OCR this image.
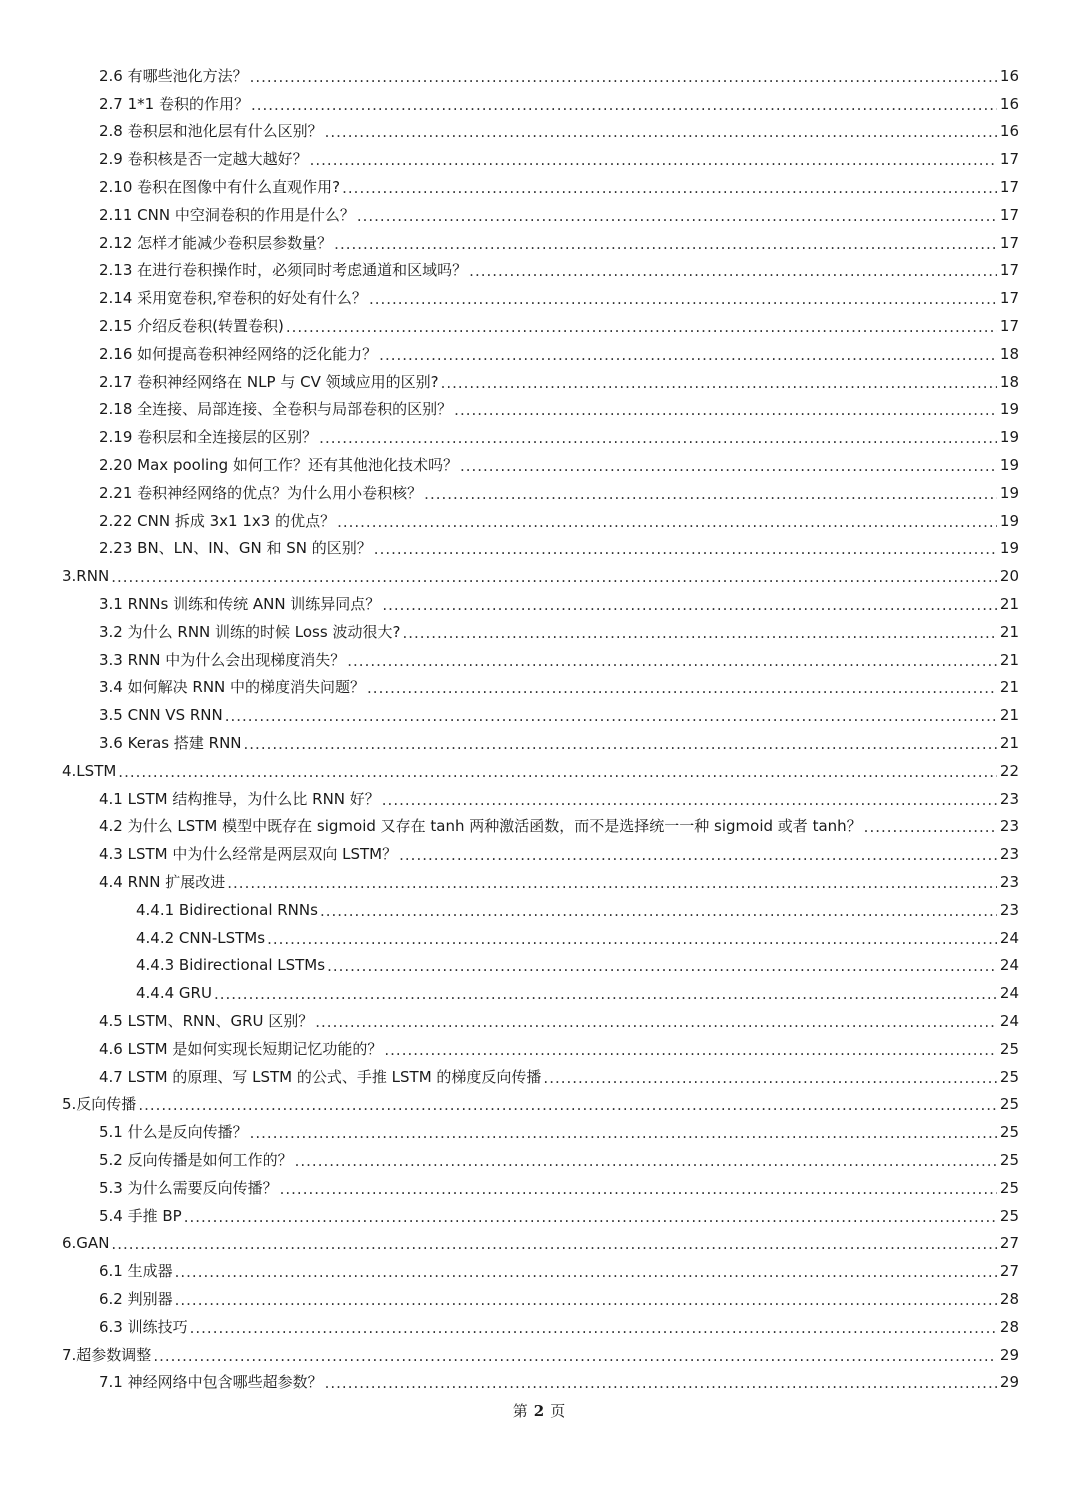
2.6 有哪些池化方法？ .....	16
2.7 1*1 卷积的作用？ .....	16
2.8 卷积层和池化层有什么区别？ .....	16
2.9 卷积核是否一定越大越好？ .....	17
2.10 卷积在图像中有什么直观作用? .....	17
2.11 CNN 中空洞卷积的作用是什么？ .....	17
2.12 怎样才能减少卷积层参数量？ .....	17
2.13 在进行卷积操作时，必须同时考虑通道和区域吗？ .....	17
2.14 采用宽卷积,窄卷积的好处有什么？ .....	17
2.15 介绍反卷积(转置卷积) .....	17
2.16 如何提高卷积神经网络的泛化能力？ .....	18
2.17 卷积神经网络在 NLP 与 CV 领域应用的区别? .....	18
2.18 全连接、局部连接、全卷积与局部卷积的区别？ .....	19
2.19 卷积层和全连接层的区别？ .....	19
2.20 Max pooling 如何工作？还有其他池化技术吗？ .....	19
2.21 卷积神经网络的优点？为什么用小卷积核？ .....	19
2.22 CNN 拆成 3x1 1x3 的优点？ .....	19
2.23 BN、LN、IN、GN 和 SN 的区别？ .....	19
3.RNN .....	20
3.1 RNNs 训练和传统 ANN 训练异同点？ .....	21
3.2 为什么 RNN 训练的时候 Loss 波动很大? .....	21
3.3 RNN 中为什么会出现梯度消失？ .....	21
3.4 如何解决 RNN 中的梯度消失问题？ .....	21
3.5 CNN VS RNN .....	21
3.6 Keras 搭建 RNN .....	21
4.LSTM .....	22
4.1 LSTM 结构推导，为什么比 RNN 好？ .....	23
4.2 为什么 LSTM 模型中既存在 sigmoid 又存在 tanh 两种激活函数，而不是选择统一一种 sigmoid 或者 tanh？ .....	23
4.3 LSTM 中为什么经常是两层双向 LSTM？ .....	23
4.4 RNN 扩展改进 .....	23
4.4.1 Bidirectional RNNs .....	23
4.4.2 CNN-LSTMs .....	24
4.4.3 Bidirectional LSTMs .....	24
4.4.4 GRU .....	24
4.5 LSTM、RNN、GRU 区别？ .....	24
4.6 LSTM 是如何实现长短期记忆功能的？ .....	25
4.7 LSTM 的原理、写 LSTM 的公式、手推 LSTM 的梯度反向传播 .....	25
5.反向传播 .....	25
5.1 什么是反向传播？ .....	25
5.2 反向传播是如何工作的？ .....	25
5.3 为什么需要反向传播？ .....	25
5.4 手推 BP .....	25
6.GAN .....	27
6.1 生成器 .....	27
6.2 判别器 .....	28
6.3 训练技巧 .....	28
7.超参数调整 .....	29
7.1 神经网络中包含哪些超参数？ .....	29
第 2 页
